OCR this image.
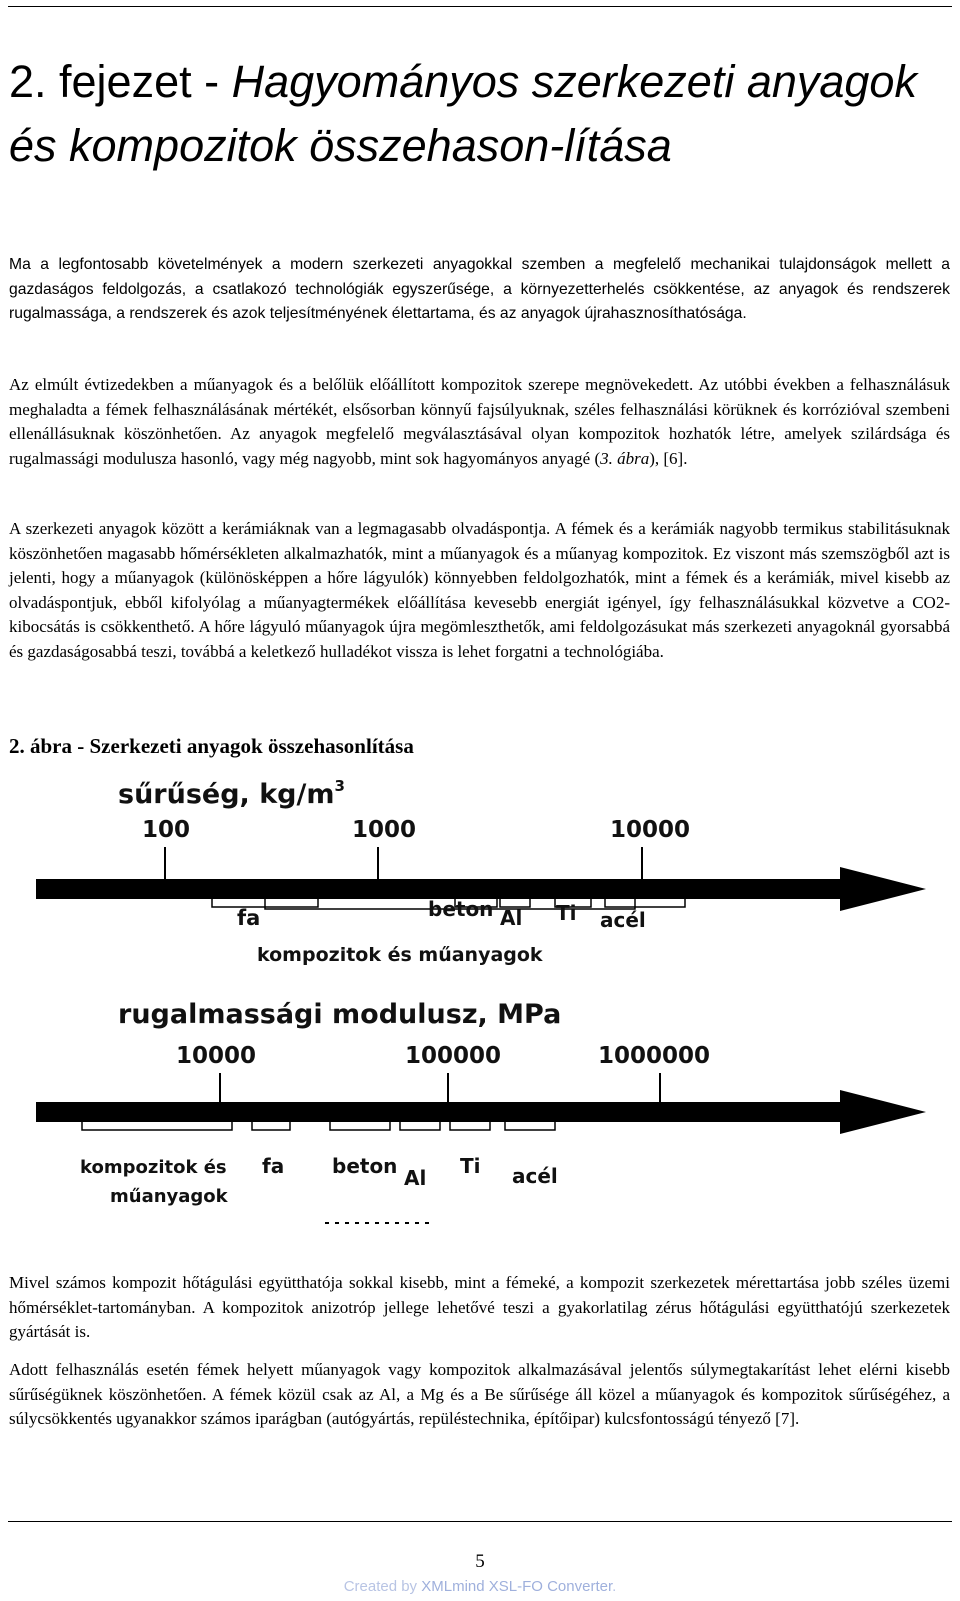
2. fejezet - Hagyományos szerkezeti anyagok és kompozitok összehason-lítása

Ma a legfontosabb követelmények a modern szerkezeti anyagokkal szemben a megfelelő mechanikai tulajdonságok mellett a gazdaságos feldolgozás, a csatlakozó technológiák egyszerűsége, a környezetterhelés csökkentése, az anyagok és rendszerek rugalmassága, a rendszerek és azok teljesítményének élettartama, és az anyagok újrahasznosíthatósága.

Az elmúlt évtizedekben a műanyagok és a belőlük előállított kompozitok szerepe megnövekedett. Az utóbbi években a felhasználásuk meghaladta a fémek felhasználásának mértékét, elsősorban könnyű fajsúlyuknak, széles felhasználási körüknek és korrózióval szembeni ellenállásuknak köszönhetően. Az anyagok megfelelő megválasztásával olyan kompozitok hozhatók létre, amelyek szilárdsága és rugalmassági modulusza hasonló, vagy még nagyobb, mint sok hagyományos anyagé (3. ábra), [6].

A szerkezeti anyagok között a kerámiáknak van a legmagasabb olvadáspontja. A fémek és a kerámiák nagyobb termikus stabilitásuknak köszönhetően magasabb hőmérsékleten alkalmazhatók, mint a műanyagok és a műanyag kompozitok. Ez viszont más szemszögből azt is jelenti, hogy a műanyagok (különösképpen a hőre lágyulók) könnyebben feldolgozhatók, mint a fémek és a kerámiák, mivel kisebb az olvadáspontjuk, ebből kifolyólag a műanyagtermékek előállítása kevesebb energiát igényel, így felhasználásukkal közvetve a CO2-kibocsátás is csökkenthető. A hőre lágyuló műanyagok újra megömleszthetők, ami feldolgozásukat más szerkezeti anyagoknál gyorsabbá és gazdaságosabbá teszi, továbbá a keletkező hulladékot vissza is lehet forgatni a technológiába.

2. ábra - Szerkezeti anyagok összehasonlítása

sűrűség, $kg/m^3$
100	1000	10000
fa	beton Al Ti acél
kompozitok és műanyagok
rugalmassági modulusz, MPa
10000	100000	1000000
kompozitok és
műanyagok
fa beton Al Ti acél

Mivel számos kompozit hőtágulási együtthatója sokkal kisebb, mint a fémeké, a kompozit szerkezetek mérettartása jobb széles üzemi hőmérséklet-tartományban. A kompozitok anizotróp jellege lehetővé teszi a gyakorlatilag zérus hőtágulási együtthatójú szerkezetek gyártását is.

Adott felhasználás esetén fémek helyett műanyagok vagy kompozitok alkalmazásával jelentős súlymegtakarítást lehet elérni kisebb sűrűségüknek köszönhetően. A fémek közül csak az Al, a Mg és a Be sűrűsége áll közel a műanyagok és kompozitok sűrűségéhez, a súlycsökkentés ugyanakkor számos iparágban (autógyártás, repüléstechnika, építőipar) kulcsfontosságú tényező [7].

5
Created by XMLmind XSL-FO Converter.
